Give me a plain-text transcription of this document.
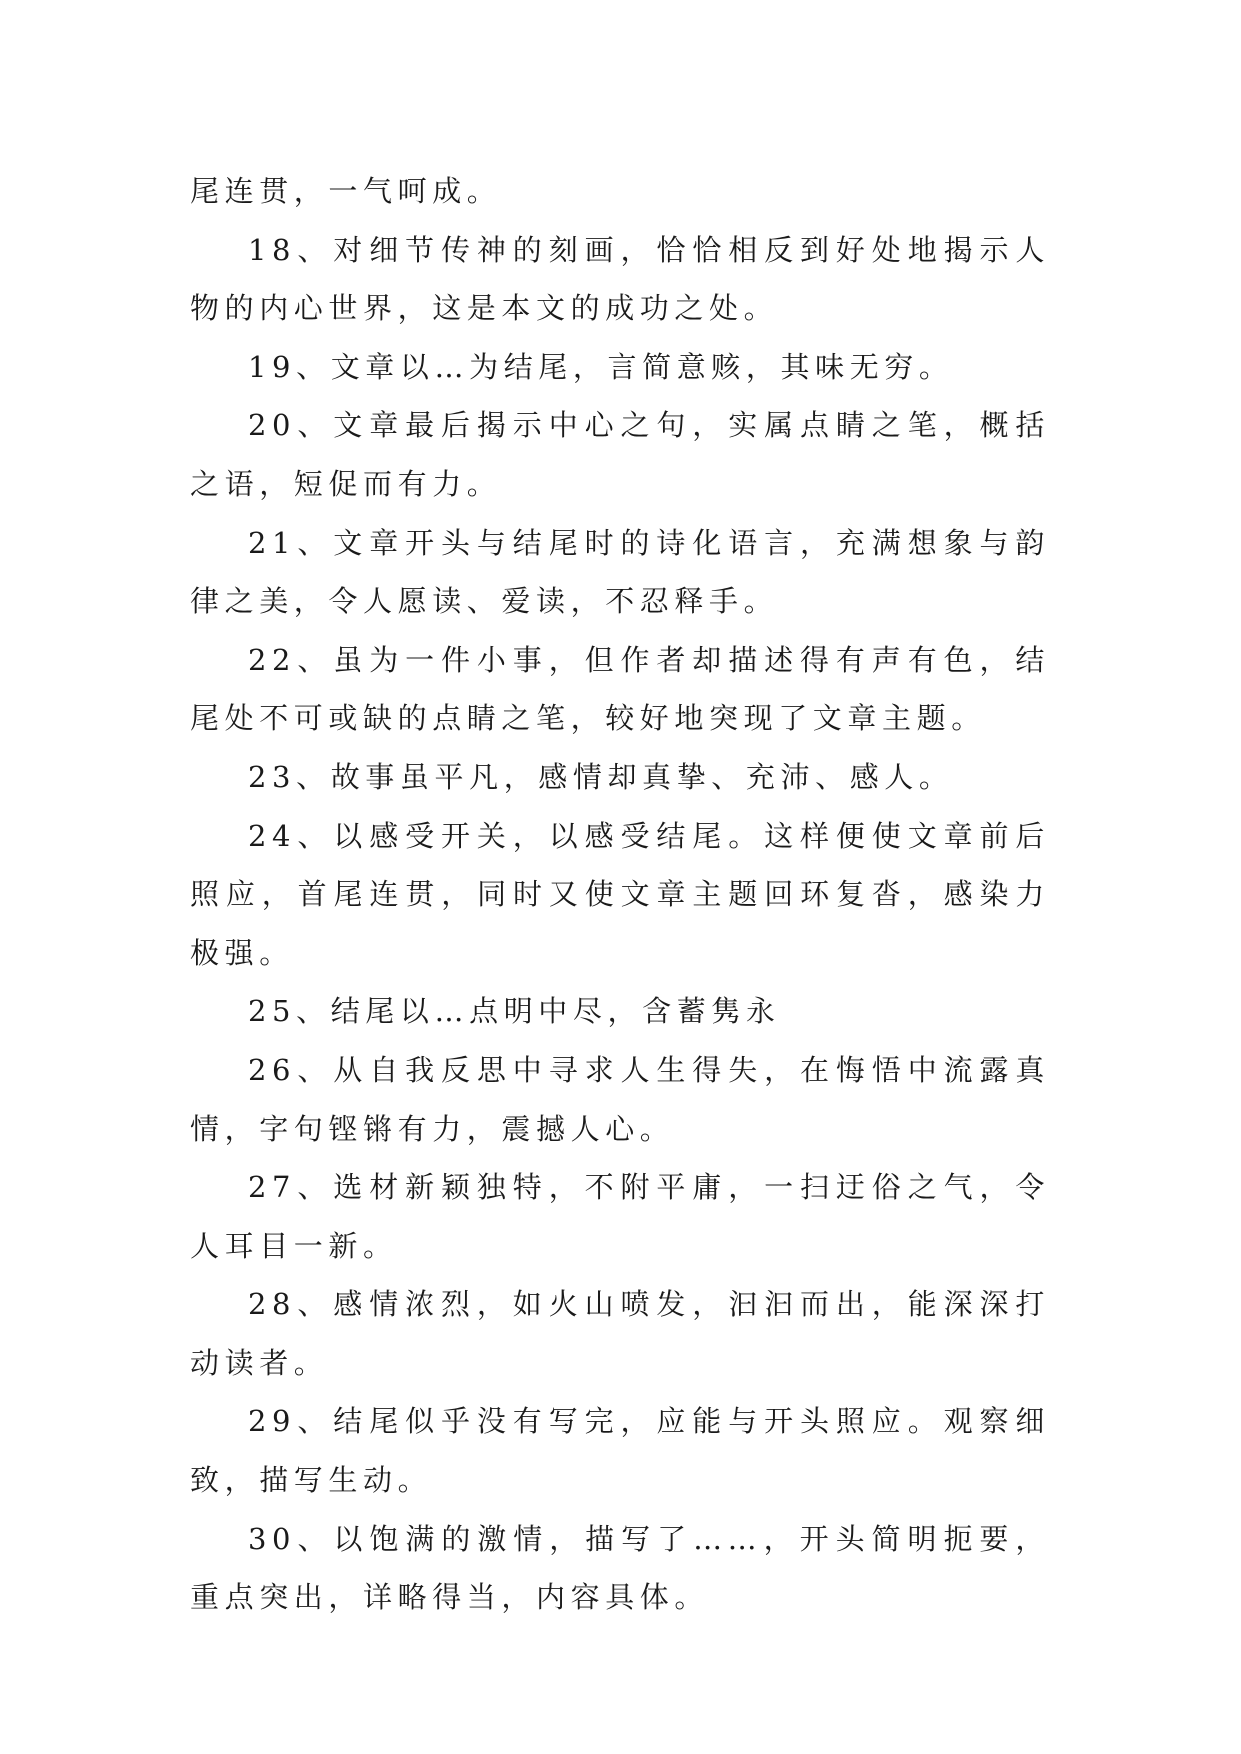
尾连贯，一气呵成。

18、对细节传神的刻画，恰恰相反到好处地揭示人物的内心世界，这是本文的成功之处。

19、文章以…为结尾，言简意赅，其味无穷。

20、文章最后揭示中心之句，实属点睛之笔，概括之语，短促而有力。

21、文章开头与结尾时的诗化语言，充满想象与韵律之美，令人愿读、爱读，不忍释手。

22、虽为一件小事，但作者却描述得有声有色，结尾处不可或缺的点睛之笔，较好地突现了文章主题。

23、故事虽平凡，感情却真挚、充沛、感人。

24、以感受开关，以感受结尾。这样便使文章前后照应，首尾连贯，同时又使文章主题回环复沓，感染力极强。

25、结尾以…点明中尽，含蓄隽永

26、从自我反思中寻求人生得失，在悔悟中流露真情，字句铿锵有力，震撼人心。

27、选材新颖独特，不附平庸，一扫迂俗之气，令人耳目一新。

28、感情浓烈，如火山喷发，汩汩而出，能深深打动读者。

29、结尾似乎没有写完，应能与开头照应。观察细致，描写生动。

30、以饱满的激情，描写了……，开头简明扼要，重点突出，详略得当，内容具体。
